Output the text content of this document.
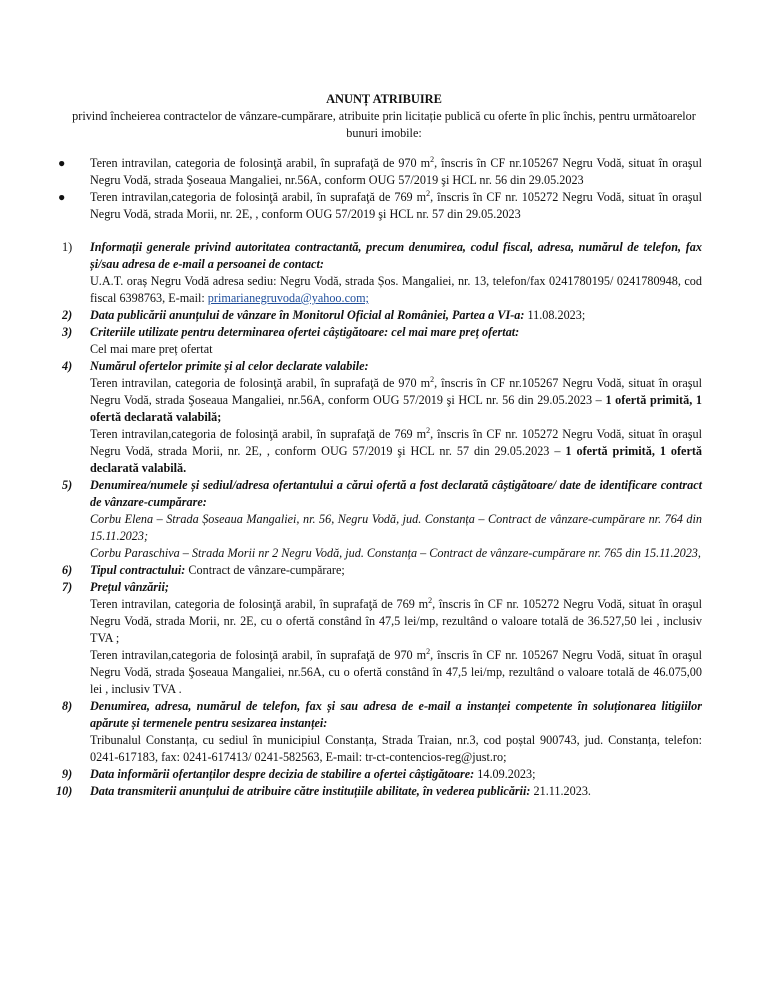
ANUNȚ ATRIBUIRE
privind încheierea contractelor de vânzare-cumpărare, atribuite prin licitație publică cu oferte în plic închis, pentru următoarelor bunuri imobile:
● Teren intravilan, categoria de folosinţă arabil, în suprafaţă de 970 $m^2$, înscris în CF nr.105267 Negru Vodă, situat în oraşul Negru Vodă, strada Şoseaua Mangaliei, nr.56A, conform OUG 57/2019 şi HCL nr. 56 din 29.05.2023
● Teren intravilan,categoria de folosinţă arabil, în suprafaţă de 769 $m^2$, înscris în CF nr. 105272 Negru Vodă, situat în oraşul Negru Vodă, strada Morii, nr. 2E, , conform OUG 57/2019 şi HCL nr. 57 din 29.05.2023
1) Informații generale privind autoritatea contractantă, precum denumirea, codul fiscal, adresa, numărul de telefon, fax și/sau adresa de e-mail a persoanei de contact:

U.A.T. oraș Negru Vodă adresa sediu: Negru Vodă, strada Șos. Mangaliei, nr. 13, telefon/fax 0241780195/ 0241780948, cod fiscal 6398763, E-mail: primarianegruvoda@yahoo.com;

2) Data publicării anunțului de vânzare în Monitorul Oficial al României, Partea a VI-a: 11.08.2023;

3) Criteriile utilizate pentru determinarea ofertei câștigătoare: cel mai mare preț ofertat:

Cel mai mare preț ofertat

4) Numărul ofertelor primite și al celor declarate valabile:

Teren intravilan, categoria de folosinţă arabil, în suprafaţă de 970 $m^2$, înscris în CF nr.105267 Negru Vodă, situat în oraşul Negru Vodă, strada Şoseaua Mangaliei, nr.56A, conform OUG 57/2019 şi HCL nr. 56 din 29.05.2023 – 1 ofertă primită, 1 ofertă declarată valabilă;

Teren intravilan,categoria de folosinţă arabil, în suprafaţă de 769 $m^2$, înscris în CF nr. 105272 Negru Vodă, situat în oraşul Negru Vodă, strada Morii, nr. 2E, , conform OUG 57/2019 şi HCL nr. 57 din 29.05.2023 – 1 ofertă primită, 1 ofertă declarată valabilă.

5) Denumirea/numele și sediul/adresa ofertantului a cărui ofertă a fost declarată câștigătoare/ date de identificare contract de vânzare-cumpărare:

Corbu Elena – Strada Șoseaua Mangaliei, nr. 56, Negru Vodă, jud. Constanța – Contract de vânzare-cumpărare nr. 764 din 15.11.2023;

Corbu Paraschiva – Strada Morii nr 2 Negru Vodă, jud. Constanța – Contract de vânzare-cumpărare nr. 765 din 15.11.2023,

6) Tipul contractului: Contract de vânzare-cumpărare;

7) Prețul vânzării;

Teren intravilan, categoria de folosinţă arabil, în suprafaţă de 769 $m^2$, înscris în CF nr. 105272 Negru Vodă, situat în oraşul Negru Vodă, strada Morii, nr. 2E, cu o ofertă constând în 47,5 lei/mp, rezultând o valoare totală de 36.527,50 lei , inclusiv TVA ;

Teren intravilan,categoria de folosinţă arabil, în suprafaţă de 970 $m^2$, înscris în CF nr. 105267 Negru Vodă, situat în oraşul Negru Vodă, strada Şoseaua Mangaliei, nr.56A, cu o ofertă constând în 47,5 lei/mp, rezultând o valoare totală de 46.075,00 lei , inclusiv TVA .

8) Denumirea, adresa, numărul de telefon, fax și sau adresa de e-mail a instanței competente în soluționarea litigiilor apărute și termenele pentru sesizarea instanței:

Tribunalul Constanța, cu sediul în municipiul Constanța, Strada Traian, nr.3, cod poștal 900743, jud. Constanța, telefon: 0241-617183, fax: 0241-617413/ 0241-582563, E-mail: tr-ct-contencios-reg@just.ro;

9) Data informării ofertanților despre decizia de stabilire a ofertei câștigătoare: 14.09.2023;

10) Data transmiterii anunțului de atribuire către instituțiile abilitate, în vederea publicării: 21.11.2023.
